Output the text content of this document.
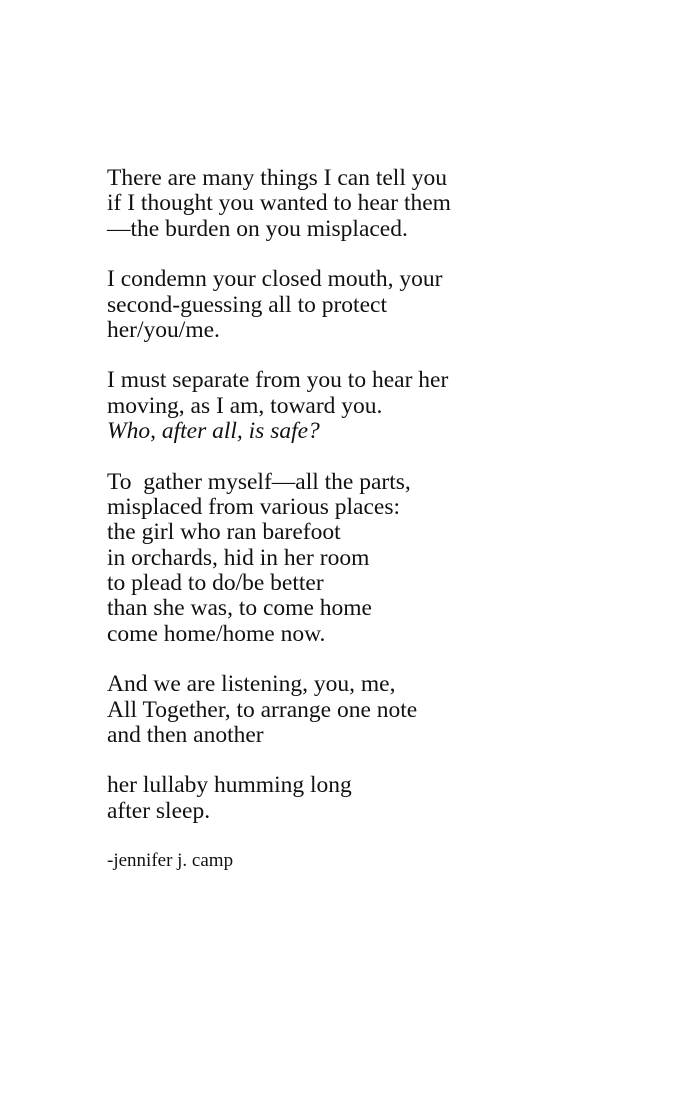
There are many things I can tell you
if I thought you wanted to hear them
—the burden on you misplaced.
I condemn your closed mouth, your
second-guessing all to protect
her/you/me.
I must separate from you to hear her
moving, as I am, toward you.
Who, after all, is safe?
To  gather myself—all the parts,
misplaced from various places:
the girl who ran barefoot
in orchards, hid in her room
to plead to do/be better
than she was, to come home
come home/home now.
And we are listening, you, me,
All Together, to arrange one note
and then another
her lullaby humming long
after sleep.
-jennifer j. camp
